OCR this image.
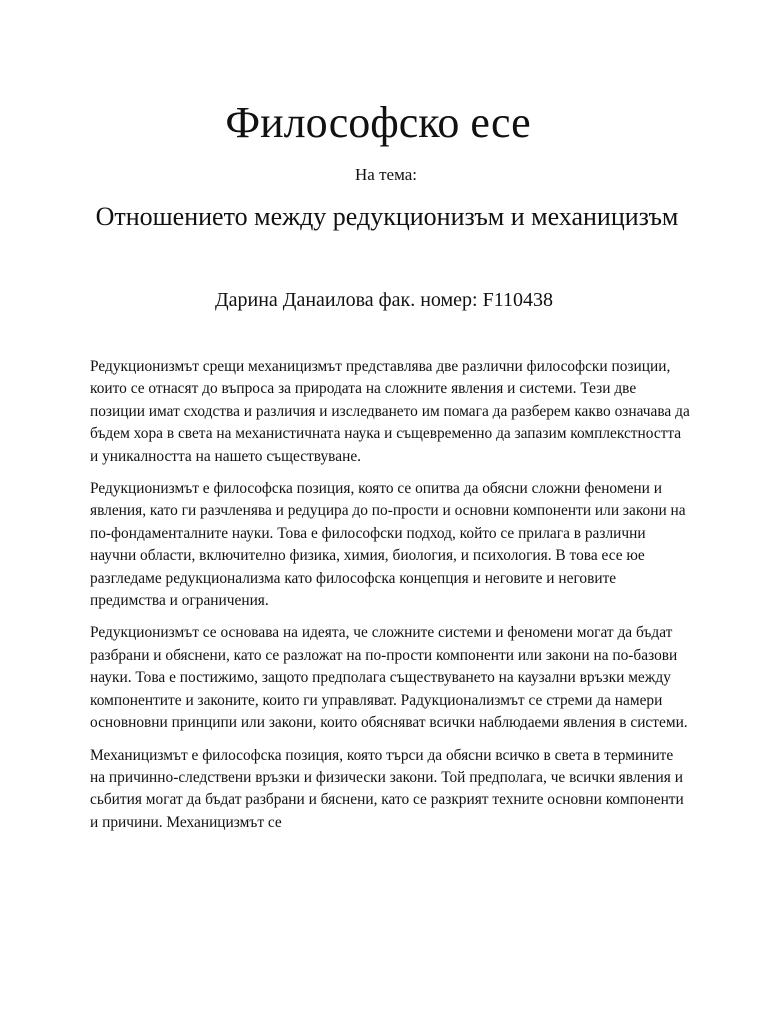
Философско есе
На тема:
Отношението между редукционизъм и механицизъм
Дарина Данаилова фак. номер: F110438

Редукционизмът срещи механицизмът представлява две различни философски позиции, които се отнасят до въпроса за природата на сложните явления и системи. Тези две позиции имат сходства и различия и изследването им помага да разберем какво означава да бъдем хора в света на механистичната наука и същевременно да запазим комплекстността и уникалността на нашето съществуване.

Редукционизмът е философска позиция, която се опитва да обясни сложни феномени и явления, като ги разчленява и редуцира до по-прости и основни компоненти или закони на по-фондаменталните науки. Това е философски подход, който се прилага в различни научни области, включително физика, химия, биология, и психология. В това есе юе разгледаме редукционализма като философска концепция и неговите и неговите предимства и ограничения.

Редукционизмът се основава на идеята, че сложните системи и феномени могат да бъдат разбрани и обяснени, като се разложат на по-прости компоненти или закони на по-базови науки. Това е постижимо, защото предполага съществуването на каузални връзки между компонентите и законите, които ги управляват. Радукционализмът се стреми да намери основновни принципи или закони, които обясняват всички наблюдаеми явления в системи.

Механицизмът е философска позиция, която търси да обясни всичко в света в термините на причинно-следствени връзки и физически закони. Той предполага, че всички явления и сьбития могат да бъдат разбрани и бяснени, като се разкрият техните основни компоненти и причини. Механицизмът се
